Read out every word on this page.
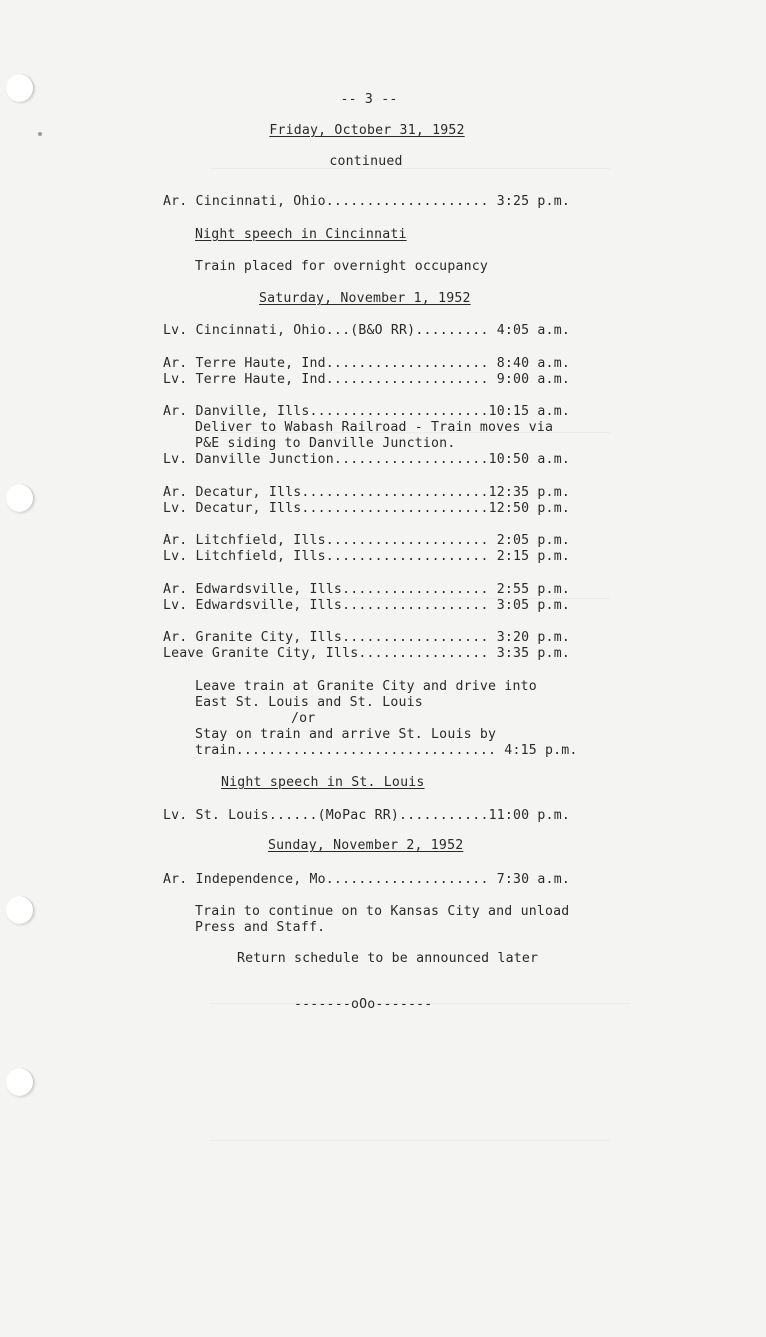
-- 3 --
Friday, October 31, 1952
continued
Ar. Cincinnati, Ohio.................... 3:25 p.m.
Night speech in Cincinnati
Train placed for overnight occupancy
Saturday, November 1, 1952
Lv. Cincinnati, Ohio...(B&O RR)......... 4:05 a.m.
Ar. Terre Haute, Ind.................... 8:40 a.m.
Lv. Terre Haute, Ind.................... 9:00 a.m.
Ar. Danville, Ills......................10:15 a.m.
Deliver to Wabash Railroad - Train moves via
P&E siding to Danville Junction.
Lv. Danville Junction...................10:50 a.m.
Ar. Decatur, Ills.......................12:35 p.m.
Lv. Decatur, Ills.......................12:50 p.m.
Ar. Litchfield, Ills.................... 2:05 p.m.
Lv. Litchfield, Ills.................... 2:15 p.m.
Ar. Edwardsville, Ills.................. 2:55 p.m.
Lv. Edwardsville, Ills.................. 3:05 p.m.
Ar. Granite City, Ills.................. 3:20 p.m.
Leave Granite City, Ills................ 3:35 p.m.
Leave train at Granite City and drive into
East St. Louis and St. Louis
/or
Stay on train and arrive St. Louis by
train................................ 4:15 p.m.
Night speech in St. Louis
Lv. St. Louis......(MoPac RR)...........11:00 p.m.
Sunday, November 2, 1952
Ar. Independence, Mo.................... 7:30 a.m.
Train to continue on to Kansas City and unload
Press and Staff.
Return schedule to be announced later
-------oOo-------
